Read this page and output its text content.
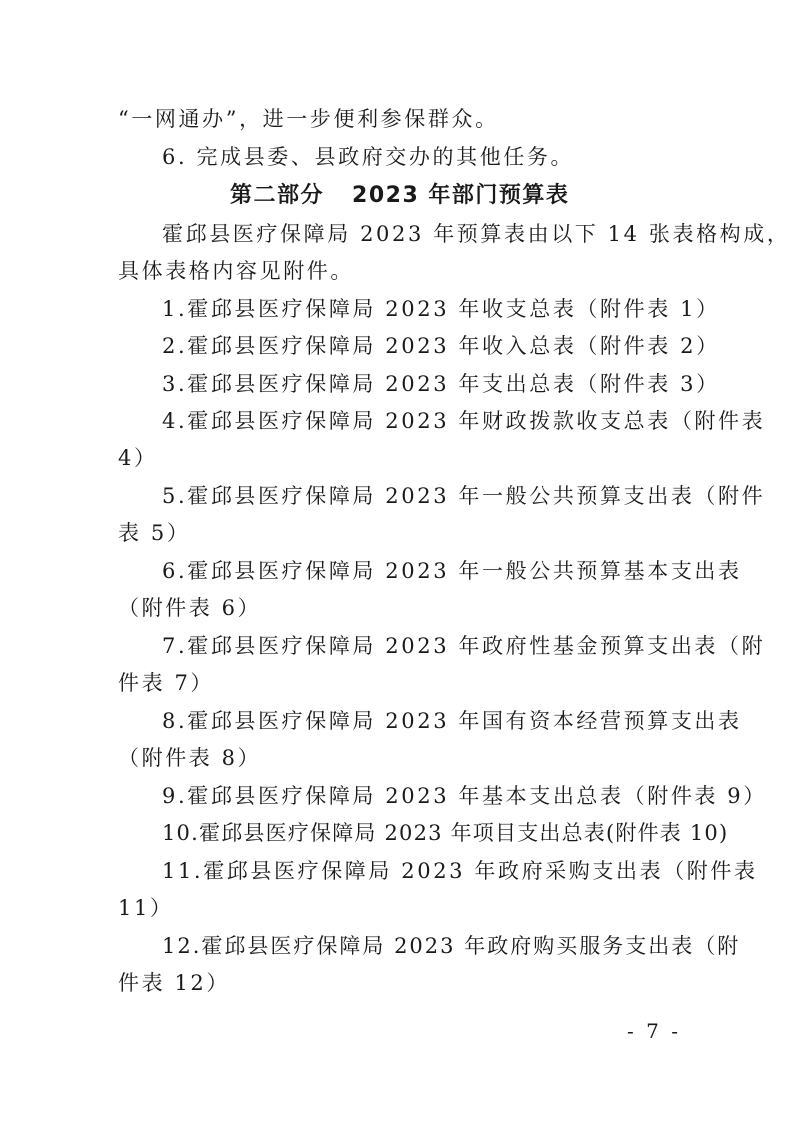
“一网通办”，进一步便利参保群众。
6. 完成县委、县政府交办的其他任务。
第二部分 2023 年部门预算表
霍邱县医疗保障局 2023 年预算表由以下 14 张表格构成，
具体表格内容见附件。
1.霍邱县医疗保障局 2023 年收支总表（附件表 1）
2.霍邱县医疗保障局 2023 年收入总表（附件表 2）
3.霍邱县医疗保障局 2023 年支出总表（附件表 3）
4.霍邱县医疗保障局 2023 年财政拨款收支总表（附件表
4）
5.霍邱县医疗保障局 2023 年一般公共预算支出表（附件
表 5）
6.霍邱县医疗保障局 2023 年一般公共预算基本支出表
（附件表 6）
7.霍邱县医疗保障局 2023 年政府性基金预算支出表（附
件表 7）
8.霍邱县医疗保障局 2023 年国有资本经营预算支出表
（附件表 8）
9.霍邱县医疗保障局 2023 年基本支出总表（附件表 9）
10.霍邱县医疗保障局 2023 年项目支出总表(附件表 10)
11.霍邱县医疗保障局 2023 年政府采购支出表（附件表
11）
12.霍邱县医疗保障局 2023 年政府购买服务支出表（附
件表 12）
- 7 -
